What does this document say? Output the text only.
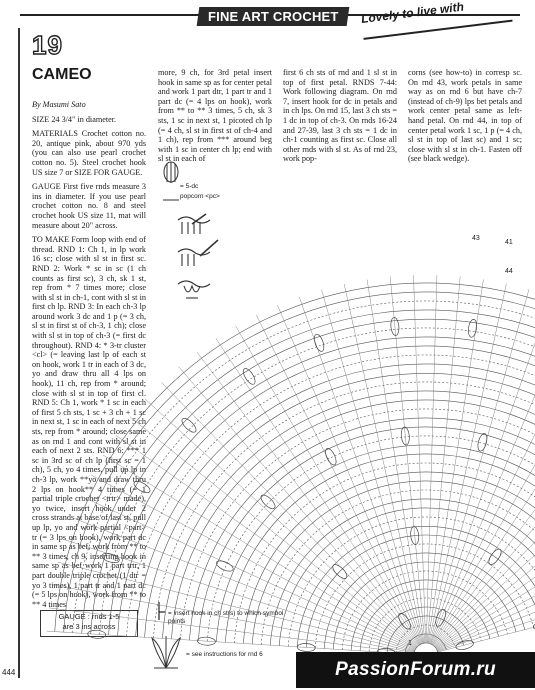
FINE ART CROCHET Lovely to live with
444
19
CAMEO

By Masumi Sato

SIZE 24 3/4" in diameter.

MATERIALS Crochet cotton no. 20, antique pink, about 970 yds (you can also use pearl crochet cotton no. 5). Steel crochet hook US size 7 or SIZE FOR GAUGE.

GAUGE First five rnds measure 3 ins in diameter. If you use pearl crochet cotton no. 8 and steel crochet hook US size 11, mat will measure about 20" across.

TO MAKE Form loop with end of thread. RND 1: Ch 1, in lp work 16 sc; close with sl st in first sc. RND 2: Work * sc in sc (1 ch counts as first sc), 3 ch, sk 1 st, rep from * 7 times more; close with sl st in ch-1, cont with sl st in first ch lp. RND 3: In each ch-3 lp around work 3 dc and 1 p (= 3 ch, sl st in first st of ch-3, 1 ch); close with sl st in top of ch-3 (= first dc throughout). RND 4: * 3-tr cluster <cl> (= leaving last lp of each st on hook, work 1 tr in each of 3 dc, yo and draw thru all 4 lps on hook), 11 ch, rep from * around; close with sl st in top of first cl. RND 5: Ch 1, work * 1 sc in each of first 5 ch sts, 1 sc + 3 ch + 1 sc in next st, 1 sc in each of next 5 ch sts, rep from * around; close same as on rnd 1 and cont with sl st in each of next 2 sts. RND 6: *** 1 sc in 3rd sc of ch lp (first sc = 1 ch), 5 ch, yo 4 times, pull up lp in ch-3 lp, work **yo and draw thru 2 lps on hook** 4 times (= 1 partial triple crochet <trtr> made), yo twice, insert hook under 2 cross strands at base of last st, pull up lp, yo and work partial <part> tr (= 3 lps on hook), work part dc in same sp as bef, work from ** to ** 3 times, ch 9, inserting hook in same sp as bef work 1 part trtr, 1 part double triple crochet (1 dtr = yo 3 times), 1 part tr and 1 part dc (= 5 lps on hook), work from ** to ** 4 times

more, 9 ch, for 3rd petal insert hook in same sp as for center petal and work 1 part dtr, 1 part tr and 1 part dc (= 4 lps on hook), work from ** to ** 3 times, 5 ch, sk 3 sts, 1 sc in next st, 1 picoted ch lp (= 4 ch, sl st in first st of ch-4 and 1 ch), rep from *** around beg with 1 sc in center ch lp; end with sl st in each of

first 6 ch sts of rnd and 1 sl st in top of first petal. RNDS 7-44: Work following diagram. On rnd 7, insert hook for dc in petals and in ch lps. On rnd 15, last 3 ch sts = 1 dc in top of ch-3. On rnds 16-24 and 27-39, last 3 ch sts = 1 dc in ch-1 counting as first sc. Close all other rnds with sl st. As of rnd 23, work pop-

corns (see how-to) in corresp sc. On rnd 43, work petals in same way as on rnd 6 but have ch-7 (instead of ch-9) lps bet petals and work center petal same as left-hand petal. On rnd 44, in top of center petal work 1 sc, 1 p (= 4 ch, sl st in top of last sc) and 1 sc; close with sl st in ch-1. Fasten off (see black wedge).

GAUGE : rnds 1-5
are 3 ins across
= 5-dc
popcorn <pc>
= insert hook in ch st(s) to which symbol points
= see instructions for rnd 6
43
41
44
1
PassionForum.ru
